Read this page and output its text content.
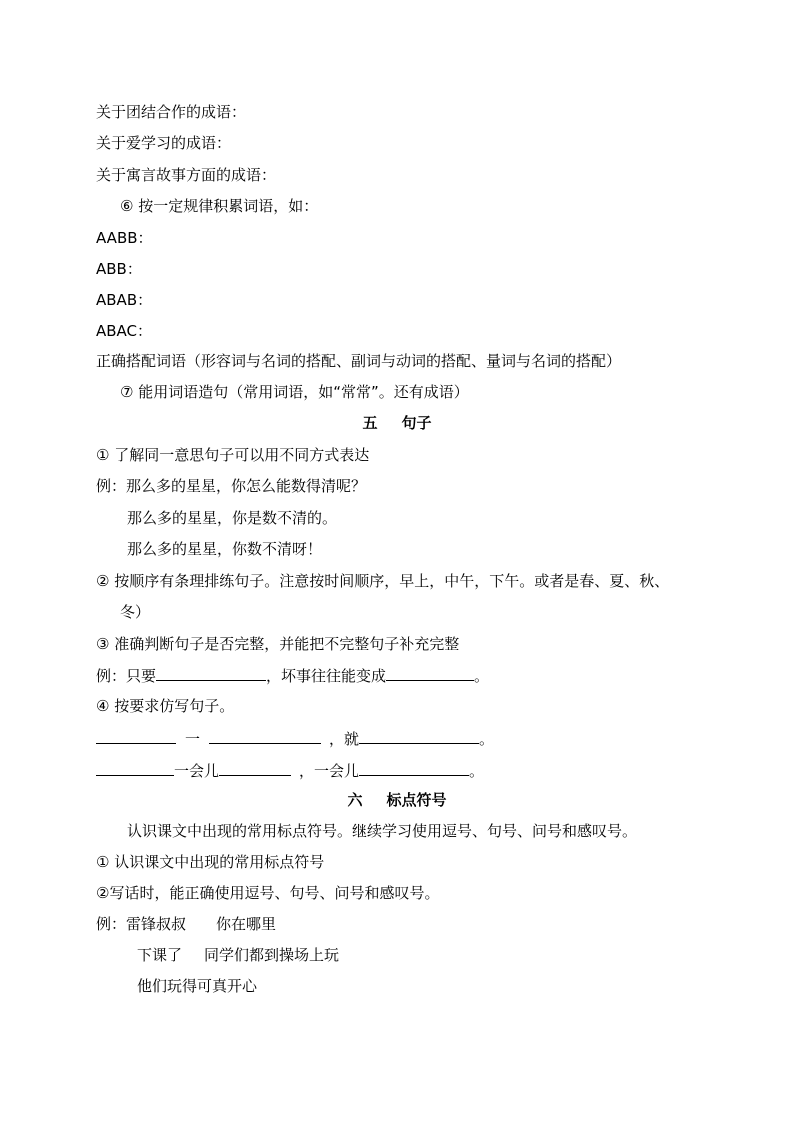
关于团结合作的成语：
关于爱学习的成语：
关于寓言故事方面的成语：
⑥ 按一定规律积累词语，如：
AABB：
ABB：
ABAB：
ABAC：
正确搭配词语（形容词与名词的搭配、副词与动词的搭配、量词与名词的搭配）
⑦ 能用词语造句（常用词语，如“常常”。还有成语）
五 句子
① 了解同一意思句子可以用不同方式表达
例：那么多的星星，你怎么能数得清呢？
那么多的星星，你是数不清的。
那么多的星星，你数不清呀！
② 按顺序有条理排练句子。注意按时间顺序，早上，中午，下午。或者是春、夏、秋、
冬）
③ 准确判断句子是否完整，并能把不完整句子补充完整
例：只要	，坏事往往能变成	。
④ 按要求仿写句子。
一	，就	。
一会儿	，一会儿	。
六 标点符号
认识课文中出现的常用标点符号。继续学习使用逗号、句号、问号和感叹号。
① 认识课文中出现的常用标点符号
②写话时，能正确使用逗号、句号、问号和感叹号。
例：雷锋叔叔 你在哪里
下课了 同学们都到操场上玩
他们玩得可真开心
